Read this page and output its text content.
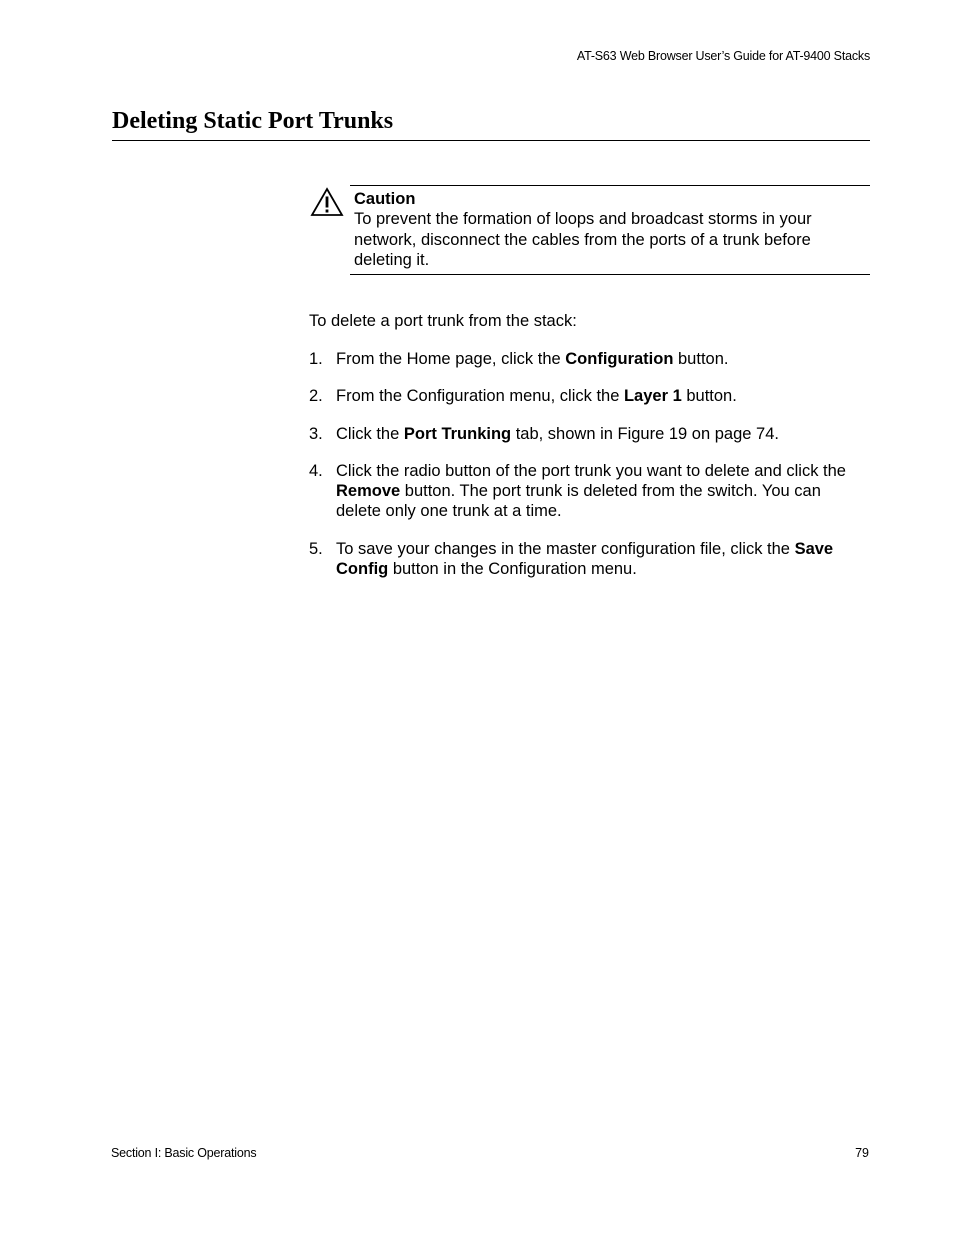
AT-S63 Web Browser User’s Guide for AT-9400 Stacks
Deleting Static Port Trunks
Caution
To prevent the formation of loops and broadcast storms in your network, disconnect the cables from the ports of a trunk before deleting it.

To delete a port trunk from the stack:

1. From the Home page, click the Configuration button.
2. From the Configuration menu, click the Layer 1 button.
3. Click the Port Trunking tab, shown in Figure 19 on page 74.
4. Click the radio button of the port trunk you want to delete and click the Remove button. The port trunk is deleted from the switch. You can delete only one trunk at a time.
5. To save your changes in the master configuration file, click the Save Config button in the Configuration menu.
Section I: Basic Operations	79
